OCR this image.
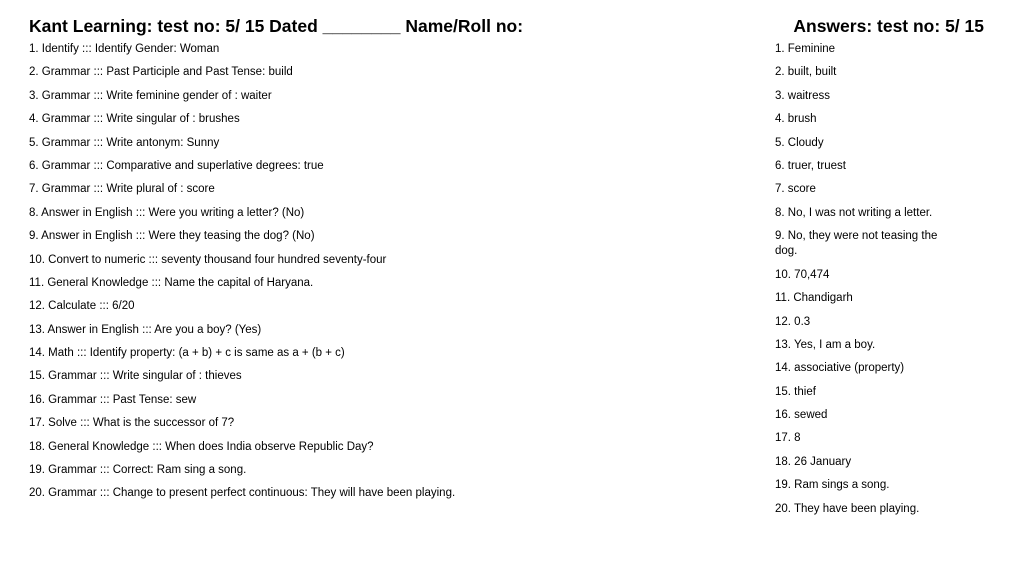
Kant Learning: test no: 5/ 15 Dated ________ Name/Roll no:	Answers: test no: 5/ 15
1. Identify ::: Identify Gender: Woman
2. Grammar ::: Past Participle and Past Tense: build
3. Grammar ::: Write feminine gender of : waiter
4. Grammar ::: Write singular of : brushes
5. Grammar ::: Write antonym: Sunny
6. Grammar ::: Comparative and superlative degrees: true
7. Grammar ::: Write plural of : score
8. Answer in English ::: Were you writing a letter? (No)
9. Answer in English ::: Were they teasing the dog? (No)
10. Convert to numeric ::: seventy thousand four hundred seventy-four
11. General Knowledge ::: Name the capital of Haryana.
12. Calculate ::: 6/20
13. Answer in English ::: Are you a boy? (Yes)
14. Math ::: Identify property: (a + b) + c is same as a + (b + c)
15. Grammar ::: Write singular of : thieves
16. Grammar ::: Past Tense: sew
17. Solve ::: What is the successor of 7?
18. General Knowledge ::: When does India observe Republic Day?
19. Grammar ::: Correct: Ram sing a song.
20. Grammar ::: Change to present perfect continuous: They will have been playing.
1. Feminine
2. built, built
3. waitress
4. brush
5. Cloudy
6. truer, truest
7. score
8. No, I was not writing a letter.
9. No, they were not teasing the dog.
10. 70,474
11. Chandigarh
12. 0.3
13. Yes, I am a boy.
14. associative (property)
15. thief
16. sewed
17. 8
18. 26 January
19. Ram sings a song.
20. They have been playing.
